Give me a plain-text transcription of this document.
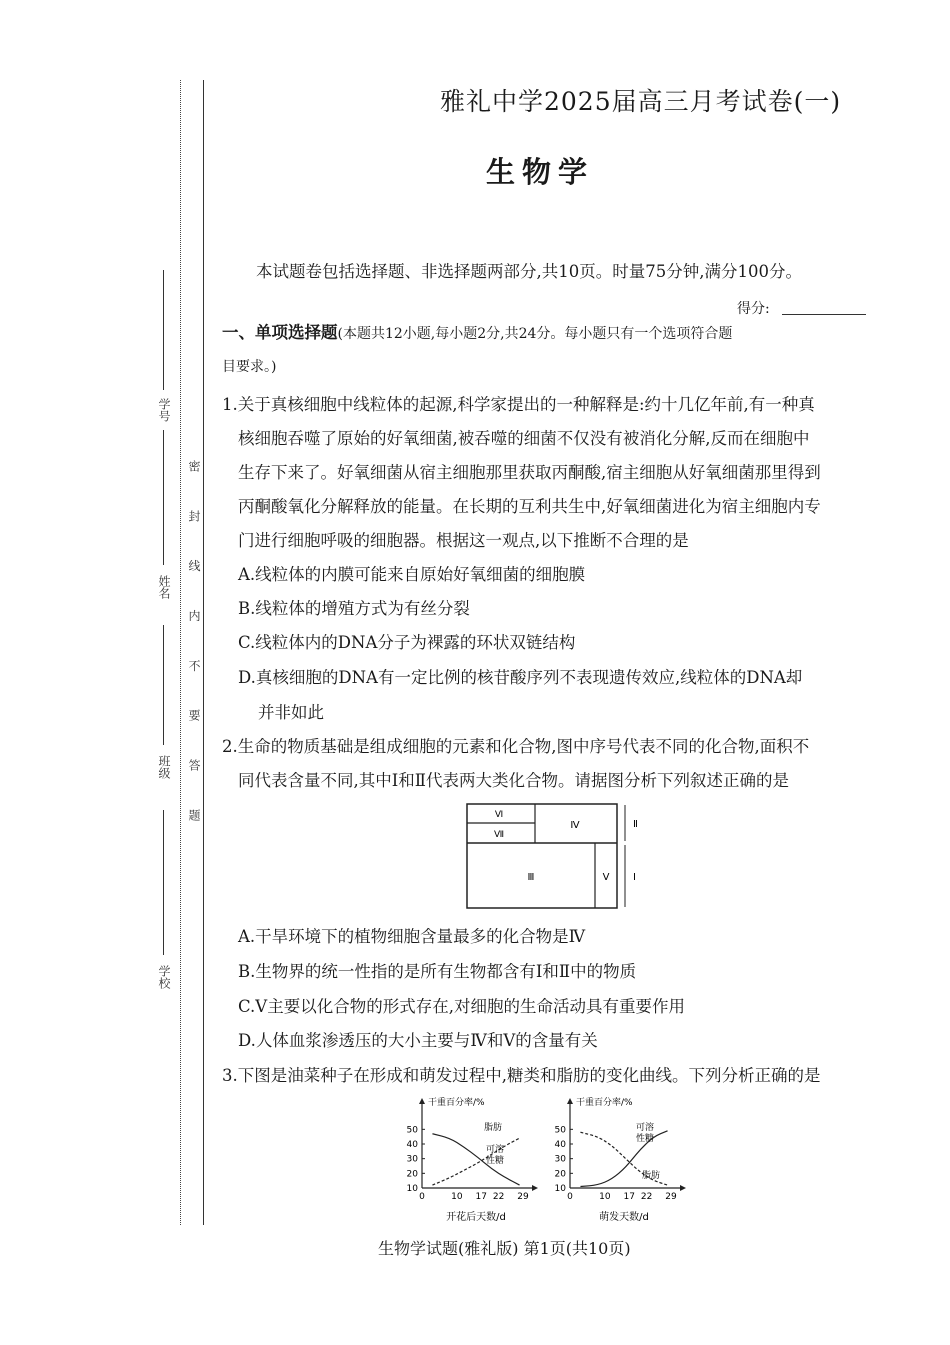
学号
姓名
班级
学校
密 封 线 内 不 要 答 题
雅礼中学2025届高三月考试卷(一)
生物学
本试题卷包括选择题、非选择题两部分,共10页。时量75分钟,满分100分。
得分:
一、单项选择题(本题共12小题,每小题2分,共24分。每小题只有一个选项符合题
目要求。)
1.关于真核细胞中线粒体的起源,科学家提出的一种解释是:约十几亿年前,有一种真
核细胞吞噬了原始的好氧细菌,被吞噬的细菌不仅没有被消化分解,反而在细胞中
生存下来了。好氧细菌从宿主细胞那里获取丙酮酸,宿主细胞从好氧细菌那里得到
丙酮酸氧化分解释放的能量。在长期的互利共生中,好氧细菌进化为宿主细胞内专
门进行细胞呼吸的细胞器。根据这一观点,以下推断不合理的是
A.线粒体的内膜可能来自原始好氧细菌的细胞膜
B.线粒体的增殖方式为有丝分裂
C.线粒体内的DNA分子为裸露的环状双链结构
D.真核细胞的DNA有一定比例的核苷酸序列不表现遗传效应,线粒体的DNA却
并非如此
2.生命的物质基础是组成细胞的元素和化合物,图中序号代表不同的化合物,面积不
同代表含量不同,其中Ⅰ和Ⅱ代表两大类化合物。请据图分析下列叙述正确的是
Ⅵ
Ⅶ
Ⅳ
Ⅲ	Ⅴ
Ⅱ
Ⅰ
A.干旱环境下的植物细胞含量最多的化合物是Ⅳ
B.生物界的统一性指的是所有生物都含有Ⅰ和Ⅱ中的物质
C.Ⅴ主要以化合物的形式存在,对细胞的生命活动具有重要作用
D.人体血浆渗透压的大小主要与Ⅳ和Ⅴ的含量有关
3.下图是油菜种子在形成和萌发过程中,糖类和脂肪的变化曲线。下列分析正确的是
干重百分率/%
10
20
30
40
50
0	10 17 22 29
开花后天数/d
脂肪
可溶
性糖
干重百分率/%
10
20
30
40
50
0	10 17 22 29
萌发天数/d
可溶
性糖
脂肪
生物学试题(雅礼版) 第1页(共10页)
